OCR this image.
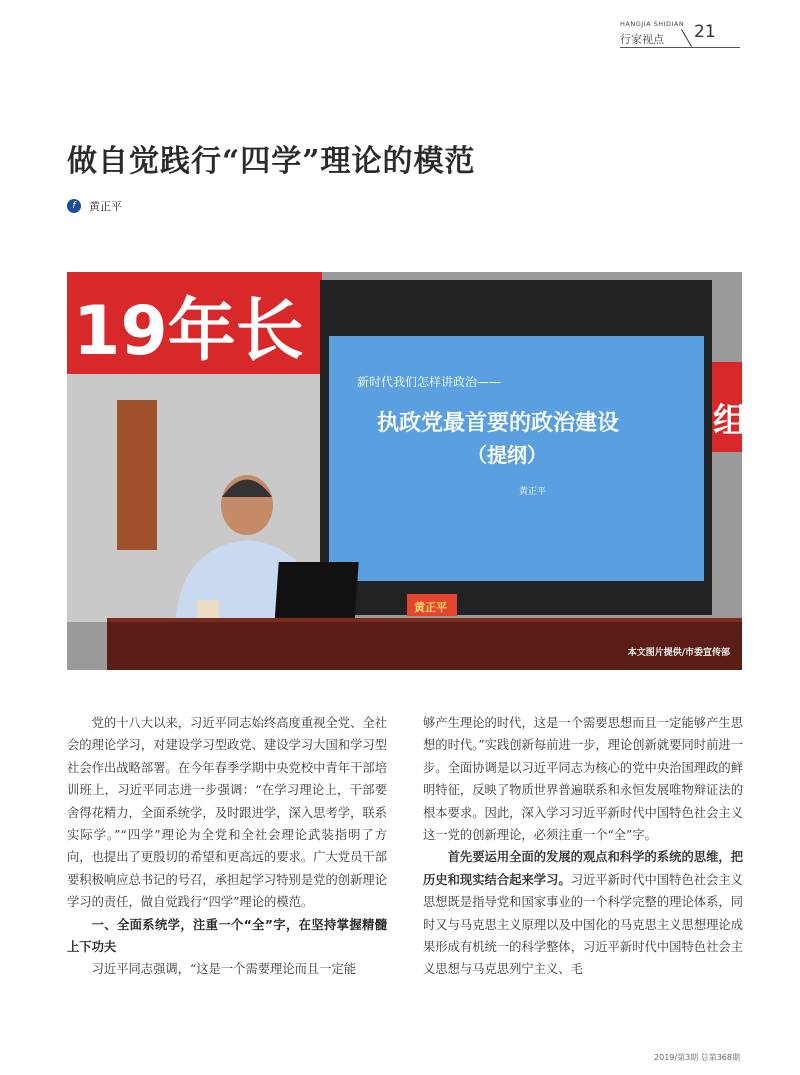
HANGJIA SHIDIAN
行家视点 21
做自觉践行“四学”理论的模范
f	黄正平
19年长
组
新时代我们怎样讲政治——
执政党最首要的政治建设
（提纲）
黄正平
黄正平
本文图片提供/市委宣传部

党的十八大以来，习近平同志始终高度重视全党、全社会的理论学习，对建设学习型政党、建设学习大国和学习型社会作出战略部署。在今年春季学期中央党校中青年干部培训班上，习近平同志进一步强调：“在学习理论上，干部要舍得花精力，全面系统学，及时跟进学，深入思考学，联系实际学。”“四学”理论为全党和全社会理论武装指明了方向，也提出了更殷切的希望和更高远的要求。广大党员干部要积极响应总书记的号召，承担起学习特别是党的创新理论学习的责任，做自觉践行“四学”理论的模范。

一、全面系统学，注重一个“全”字，在坚持掌握精髓上下功夫

习近平同志强调，“这是一个需要理论而且一定能

够产生理论的时代，这是一个需要思想而且一定能够产生思想的时代。”实践创新每前进一步，理论创新就要同时前进一步。全面协调是以习近平同志为核心的党中央治国理政的鲜明特征，反映了物质世界普遍联系和永恒发展唯物辩证法的根本要求。因此，深入学习习近平新时代中国特色社会主义这一党的创新理论，必须注重一个“全”字。

首先要运用全面的发展的观点和科学的系统的思维，把历史和现实结合起来学习。习近平新时代中国特色社会主义思想既是指导党和国家事业的一个科学完整的理论体系，同时又与马克思主义原理以及中国化的马克思主义思想理论成果形成有机统一的科学整体，习近平新时代中国特色社会主义思想与马克思列宁主义、毛

2019/第3期 总第368期
